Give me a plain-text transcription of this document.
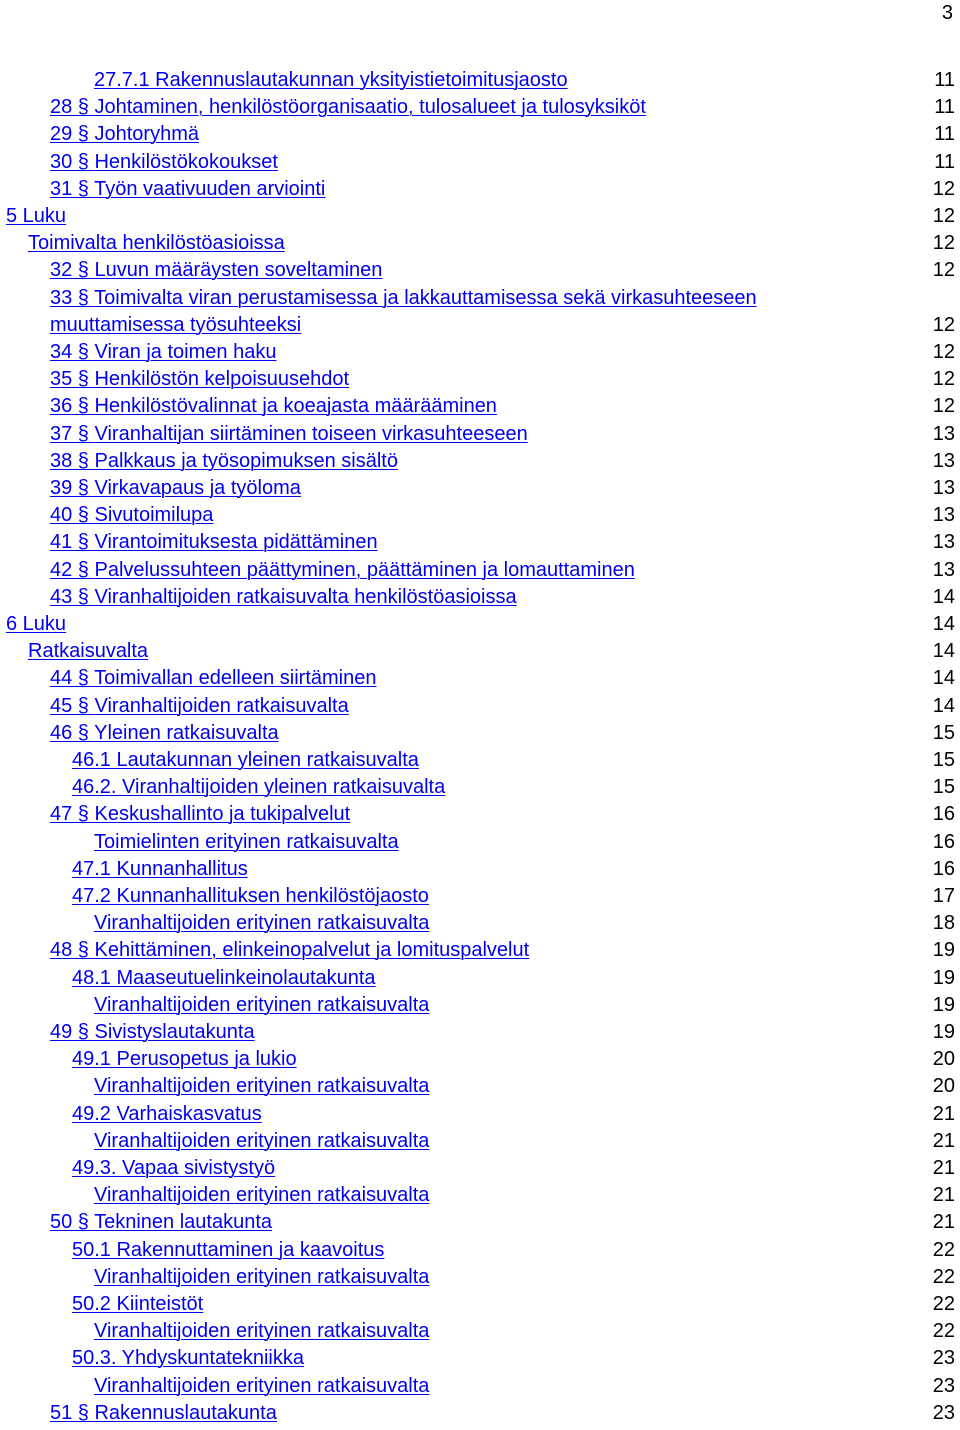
3
27.7.1 Rakennuslautakunnan yksityistietoimitusjaosto	11
28 § Johtaminen, henkilöstöorganisaatio, tulosalueet ja tulosyksiköt	11
29 § Johtoryhmä	11
30 § Henkilöstökokoukset	11
31 § Työn vaativuuden arviointi	12
5 Luku	12
Toimivalta henkilöstöasioissa	12
32 § Luvun määräysten soveltaminen	12
33 § Toimivalta viran perustamisessa ja lakkauttamisessa sekä virkasuhteeseen
muuttamisessa työsuhteeksi	12
34 § Viran ja toimen haku	12
35 § Henkilöstön kelpoisuusehdot	12
36 § Henkilöstövalinnat ja koeajasta määrääminen	12
37 § Viranhaltijan siirtäminen toiseen virkasuhteeseen	13
38 § Palkkaus ja työsopimuksen sisältö	13
39 § Virkavapaus ja työloma	13
40 § Sivutoimilupa	13
41 § Virantoimituksesta pidättäminen	13
42 § Palvelussuhteen päättyminen, päättäminen ja lomauttaminen	13
43 § Viranhaltijoiden ratkaisuvalta henkilöstöasioissa	14
6 Luku	14
Ratkaisuvalta	14
44 § Toimivallan edelleen siirtäminen	14
45 § Viranhaltijoiden ratkaisuvalta	14
46 § Yleinen ratkaisuvalta	15
46.1 Lautakunnan yleinen ratkaisuvalta	15
46.2. Viranhaltijoiden yleinen ratkaisuvalta	15
47 § Keskushallinto ja tukipalvelut	16
Toimielinten erityinen ratkaisuvalta	16
47.1 Kunnanhallitus	16
47.2 Kunnanhallituksen henkilöstöjaosto	17
Viranhaltijoiden erityinen ratkaisuvalta	18
48 § Kehittäminen, elinkeinopalvelut ja lomituspalvelut	19
48.1 Maaseutuelinkeinolautakunta	19
Viranhaltijoiden erityinen ratkaisuvalta	19
49 § Sivistyslautakunta	19
49.1 Perusopetus ja lukio	20
Viranhaltijoiden erityinen ratkaisuvalta	20
49.2 Varhaiskasvatus	21
Viranhaltijoiden erityinen ratkaisuvalta	21
49.3. Vapaa sivistystyö	21
Viranhaltijoiden erityinen ratkaisuvalta	21
50 § Tekninen lautakunta	21
50.1 Rakennuttaminen ja kaavoitus	22
Viranhaltijoiden erityinen ratkaisuvalta	22
50.2 Kiinteistöt	22
Viranhaltijoiden erityinen ratkaisuvalta	22
50.3. Yhdyskuntatekniikka	23
Viranhaltijoiden erityinen ratkaisuvalta	23
51 § Rakennuslautakunta	23
